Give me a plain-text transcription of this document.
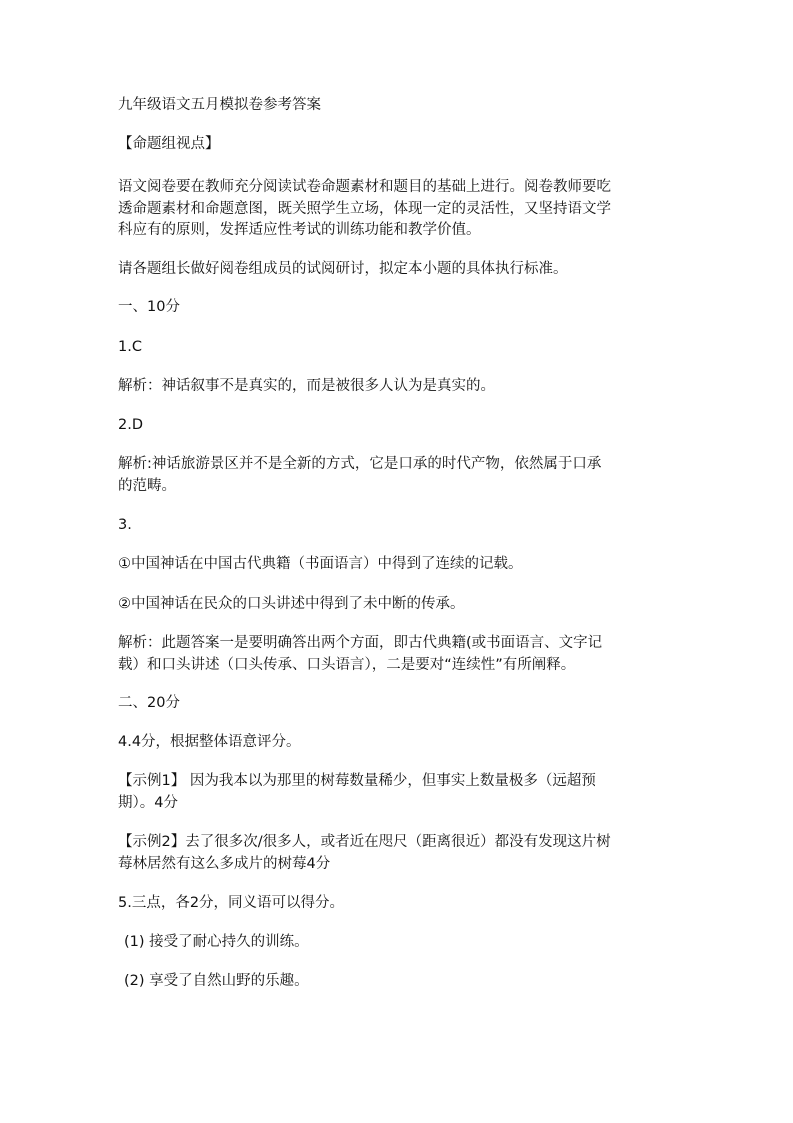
九年级语文五月模拟卷参考答案
【命题组视点】
语文阅卷要在教师充分阅读试卷命题素材和题目的基础上进行。阅卷教师要吃
透命题素材和命题意图，既关照学生立场，体现一定的灵活性，又坚持语文学
科应有的原则，发挥适应性考试的训练功能和教学价值。
请各题组长做好阅卷组成员的试阅研讨，拟定本小题的具体执行标准。
一、10分
1.C
解析：神话叙事不是真实的，而是被很多人认为是真实的。
2.D
解析:神话旅游景区并不是全新的方式，它是口承的时代产物，依然属于口承
的范畴。
3.
①中国神话在中国古代典籍（书面语言）中得到了连续的记载。
②中国神话在民众的口头讲述中得到了未中断的传承。
解析：此题答案一是要明确答出两个方面，即古代典籍(或书面语言、文字记
载）和口头讲述（口头传承、口头语言），二是要对“连续性”有所阐释。
二、20分
4.4分，根据整体语意评分。
【示例1】 因为我本以为那里的树莓数量稀少，但事实上数量极多（远超预
期）。4分
【示例2】去了很多次/很多人，或者近在咫尺（距离很近）都没有发现这片树
莓林居然有这么多成片的树莓4分
5.三点，各2分，同义语可以得分。
(1) 接受了耐心持久的训练。
(2) 享受了自然山野的乐趣。
